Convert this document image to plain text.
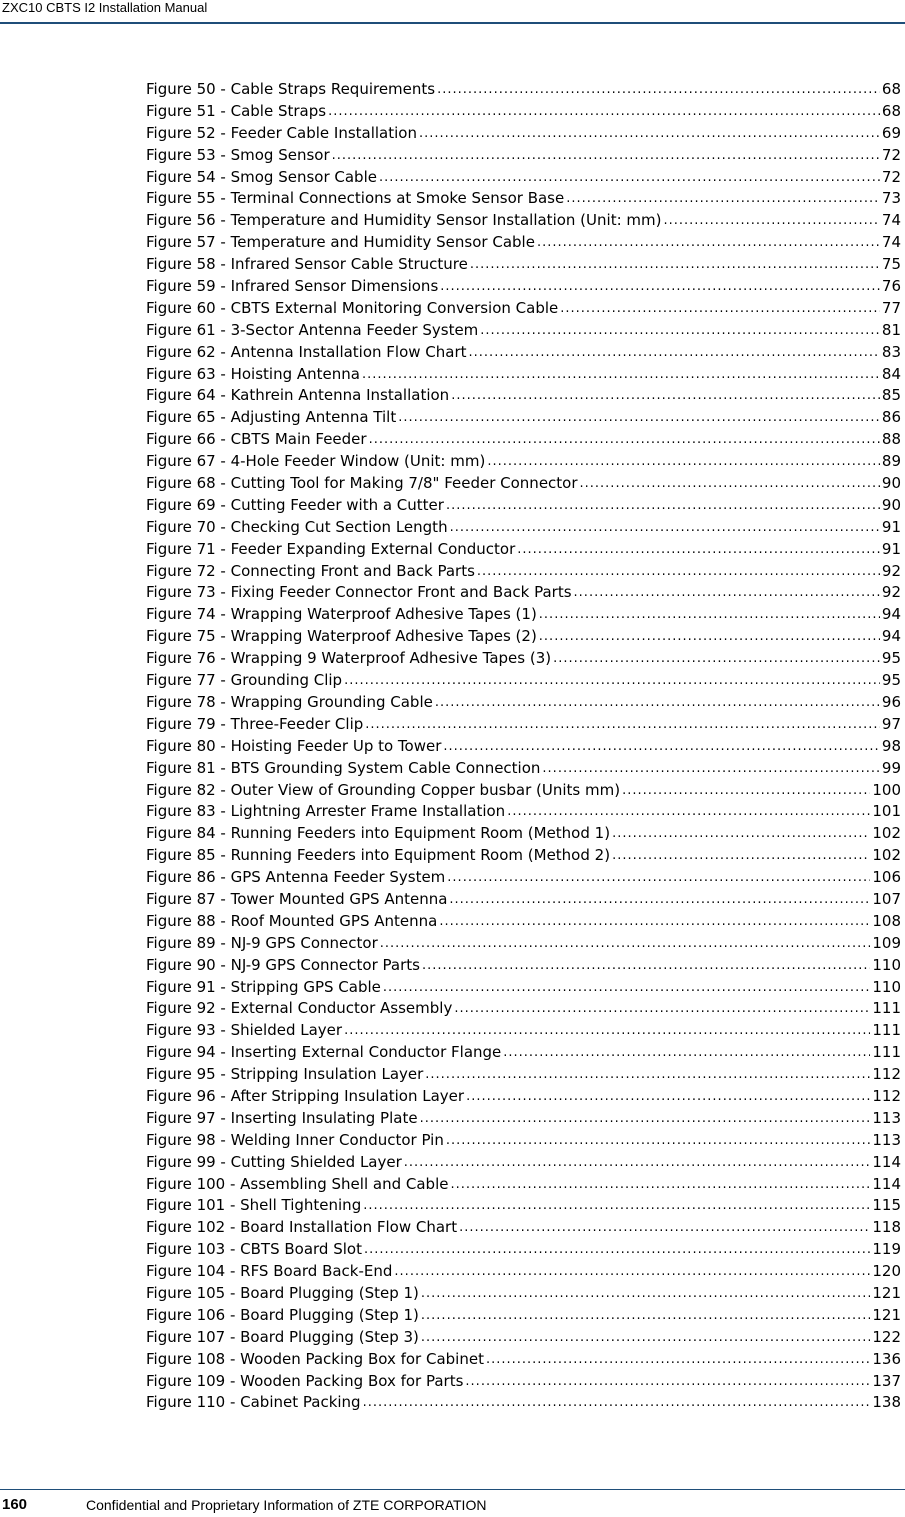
ZXC10 CBTS I2 Installation Manual
Figure 50 - Cable Straps Requirements .....	68
Figure 51 - Cable Straps .....	68
Figure 52 - Feeder Cable Installation .....	69
Figure 53 - Smog Sensor .....	72
Figure 54 - Smog Sensor Cable .....	72
Figure 55 - Terminal Connections at Smoke Sensor Base .....	73
Figure 56 - Temperature and Humidity Sensor Installation (Unit: mm) .....	74
Figure 57 - Temperature and Humidity Sensor Cable .....	74
Figure 58 - Infrared Sensor Cable Structure .....	75
Figure 59 - Infrared Sensor Dimensions .....	76
Figure 60 - CBTS External Monitoring Conversion Cable .....	77
Figure 61 - 3-Sector Antenna Feeder System .....	81
Figure 62 - Antenna Installation Flow Chart .....	83
Figure 63 - Hoisting Antenna .....	84
Figure 64 - Kathrein Antenna Installation .....	85
Figure 65 - Adjusting Antenna Tilt .....	86
Figure 66 - CBTS Main Feeder .....	88
Figure 67 - 4-Hole Feeder Window (Unit: mm) .....	89
Figure 68 - Cutting Tool for Making 7/8" Feeder Connector .....	90
Figure 69 - Cutting Feeder with a Cutter .....	90
Figure 70 - Checking Cut Section Length .....	91
Figure 71 - Feeder Expanding External Conductor .....	91
Figure 72 - Connecting Front and Back Parts .....	92
Figure 73 - Fixing Feeder Connector Front and Back Parts .....	92
Figure 74 - Wrapping Waterproof Adhesive Tapes (1) .....	94
Figure 75 - Wrapping Waterproof Adhesive Tapes (2) .....	94
Figure 76 - Wrapping 9 Waterproof Adhesive Tapes (3) .....	95
Figure 77 - Grounding Clip .....	95
Figure 78 - Wrapping Grounding Cable .....	96
Figure 79 - Three-Feeder Clip .....	97
Figure 80 - Hoisting Feeder Up to Tower .....	98
Figure 81 - BTS Grounding System Cable Connection .....	99
Figure 82 - Outer View of Grounding Copper busbar (Units mm) .....	100
Figure 83 - Lightning Arrester Frame Installation .....	101
Figure 84 - Running Feeders into Equipment Room (Method 1) .....	102
Figure 85 - Running Feeders into Equipment Room (Method 2) .....	102
Figure 86 - GPS Antenna Feeder System .....	106
Figure 87 - Tower Mounted GPS Antenna .....	107
Figure 88 - Roof Mounted GPS Antenna .....	108
Figure 89 - NJ-9 GPS Connector .....	109
Figure 90 - NJ-9 GPS Connector Parts .....	110
Figure 91 - Stripping GPS Cable .....	110
Figure 92 - External Conductor Assembly .....	111
Figure 93 - Shielded Layer .....	111
Figure 94 - Inserting External Conductor Flange .....	111
Figure 95 - Stripping Insulation Layer .....	112
Figure 96 - After Stripping Insulation Layer .....	112
Figure 97 - Inserting Insulating Plate .....	113
Figure 98 - Welding Inner Conductor Pin .....	113
Figure 99 - Cutting Shielded Layer .....	114
Figure 100 - Assembling Shell and Cable .....	114
Figure 101 - Shell Tightening .....	115
Figure 102 - Board Installation Flow Chart .....	118
Figure 103 - CBTS Board Slot .....	119
Figure 104 - RFS Board Back-End .....	120
Figure 105 - Board Plugging (Step 1) .....	121
Figure 106 - Board Plugging (Step 1) .....	121
Figure 107 - Board Plugging (Step 3) .....	122
Figure 108 - Wooden Packing Box for Cabinet .....	136
Figure 109 - Wooden Packing Box for Parts .....	137
Figure 110 - Cabinet Packing .....	138
160	Confidential and Proprietary Information of ZTE CORPORATION
